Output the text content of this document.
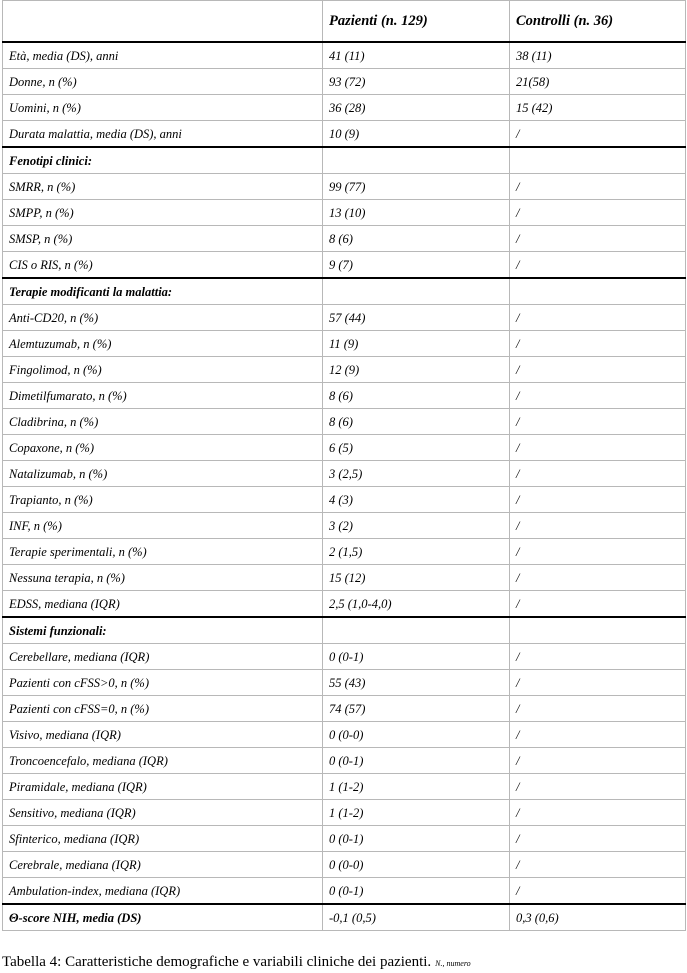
	Pazienti (n. 129)	Controlli (n. 36)
Età, media (DS), anni	41 (11)	38 (11)
Donne, n (%)	93 (72)	21(58)
Uomini, n (%)	36 (28)	15 (42)
Durata malattia, media (DS), anni	10 (9)	/
Fenotipi clinici:		
SMRR, n (%)	99 (77)	/
SMPP, n (%)	13 (10)	/
SMSP, n (%)	8 (6)	/
CIS o RIS, n (%)	9 (7)	/
Terapie modificanti la malattia:		
Anti-CD20, n (%)	57 (44)	/
Alemtuzumab, n (%)	11 (9)	/
Fingolimod, n (%)	12 (9)	/
Dimetilfumarato, n (%)	8 (6)	/
Cladibrina, n (%)	8 (6)	/
Copaxone, n (%)	6 (5)	/
Natalizumab, n (%)	3 (2,5)	/
Trapianto, n (%)	4 (3)	/
INF, n (%)	3 (2)	/
Terapie sperimentali, n (%)	2 (1,5)	/
Nessuna terapia, n (%)	15 (12)	/
EDSS, mediana (IQR)	2,5 (1,0-4,0)	/
Sistemi funzionali:		
Cerebellare, mediana (IQR)	0 (0-1)	/
Pazienti con cFSS>0, n (%)	55 (43)	/
Pazienti con cFSS=0, n (%)	74 (57)	/
Visivo, mediana (IQR)	0 (0-0)	/
Troncoencefalo, mediana (IQR)	0 (0-1)	/
Piramidale, mediana (IQR)	1 (1-2)	/
Sensitivo, mediana (IQR)	1 (1-2)	/
Sfinterico, mediana (IQR)	0 (0-1)	/
Cerebrale, mediana (IQR)	0 (0-0)	/
Ambulation-index, mediana (IQR)	0 (0-1)	/
Θ-score NIH, media (DS)	-0,1 (0,5)	0,3 (0,6)
Tabella 4: Caratteristiche demografiche e variabili cliniche dei pazienti. N., numero
